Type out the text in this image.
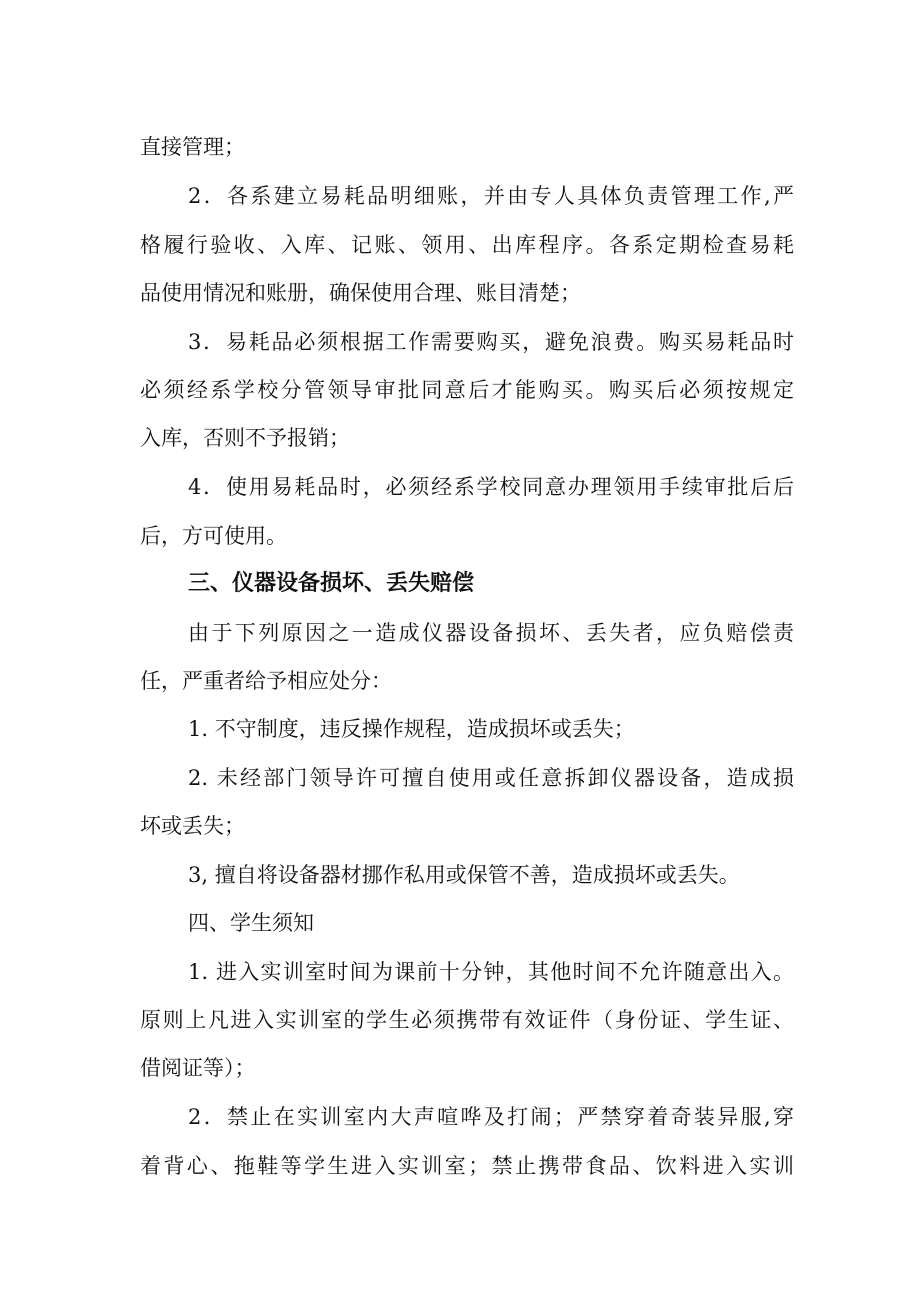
直接管理；
2．各系建立易耗品明细账，并由专人具体负责管理工作,严
格履行验收、入库、记账、领用、出库程序。各系定期检查易耗
品使用情况和账册，确保使用合理、账目清楚；
3．易耗品必须根据工作需要购买，避免浪费。购买易耗品时
必须经系学校分管领导审批同意后才能购买。购买后必须按规定
入库，否则不予报销；
4．使用易耗品时，必须经系学校同意办理领用手续审批后后
后，方可使用。
三、仪器设备损坏、丢失赔偿
由于下列原因之一造成仪器设备损坏、丢失者，应负赔偿责
任，严重者给予相应处分：
1. 不守制度，违反操作规程，造成损坏或丢失；
2. 未经部门领导许可擅自使用或任意拆卸仪器设备，造成损
坏或丢失；
3, 擅自将设备器材挪作私用或保管不善，造成损坏或丢失。
四、学生须知
1. 进入实训室时间为课前十分钟，其他时间不允许随意出入。
原则上凡进入实训室的学生必须携带有效证件（身份证、学生证、
借阅证等）；
2．禁止在实训室内大声喧哗及打闹；严禁穿着奇装异服,穿
着背心、拖鞋等学生进入实训室；禁止携带食品、饮料进入实训
